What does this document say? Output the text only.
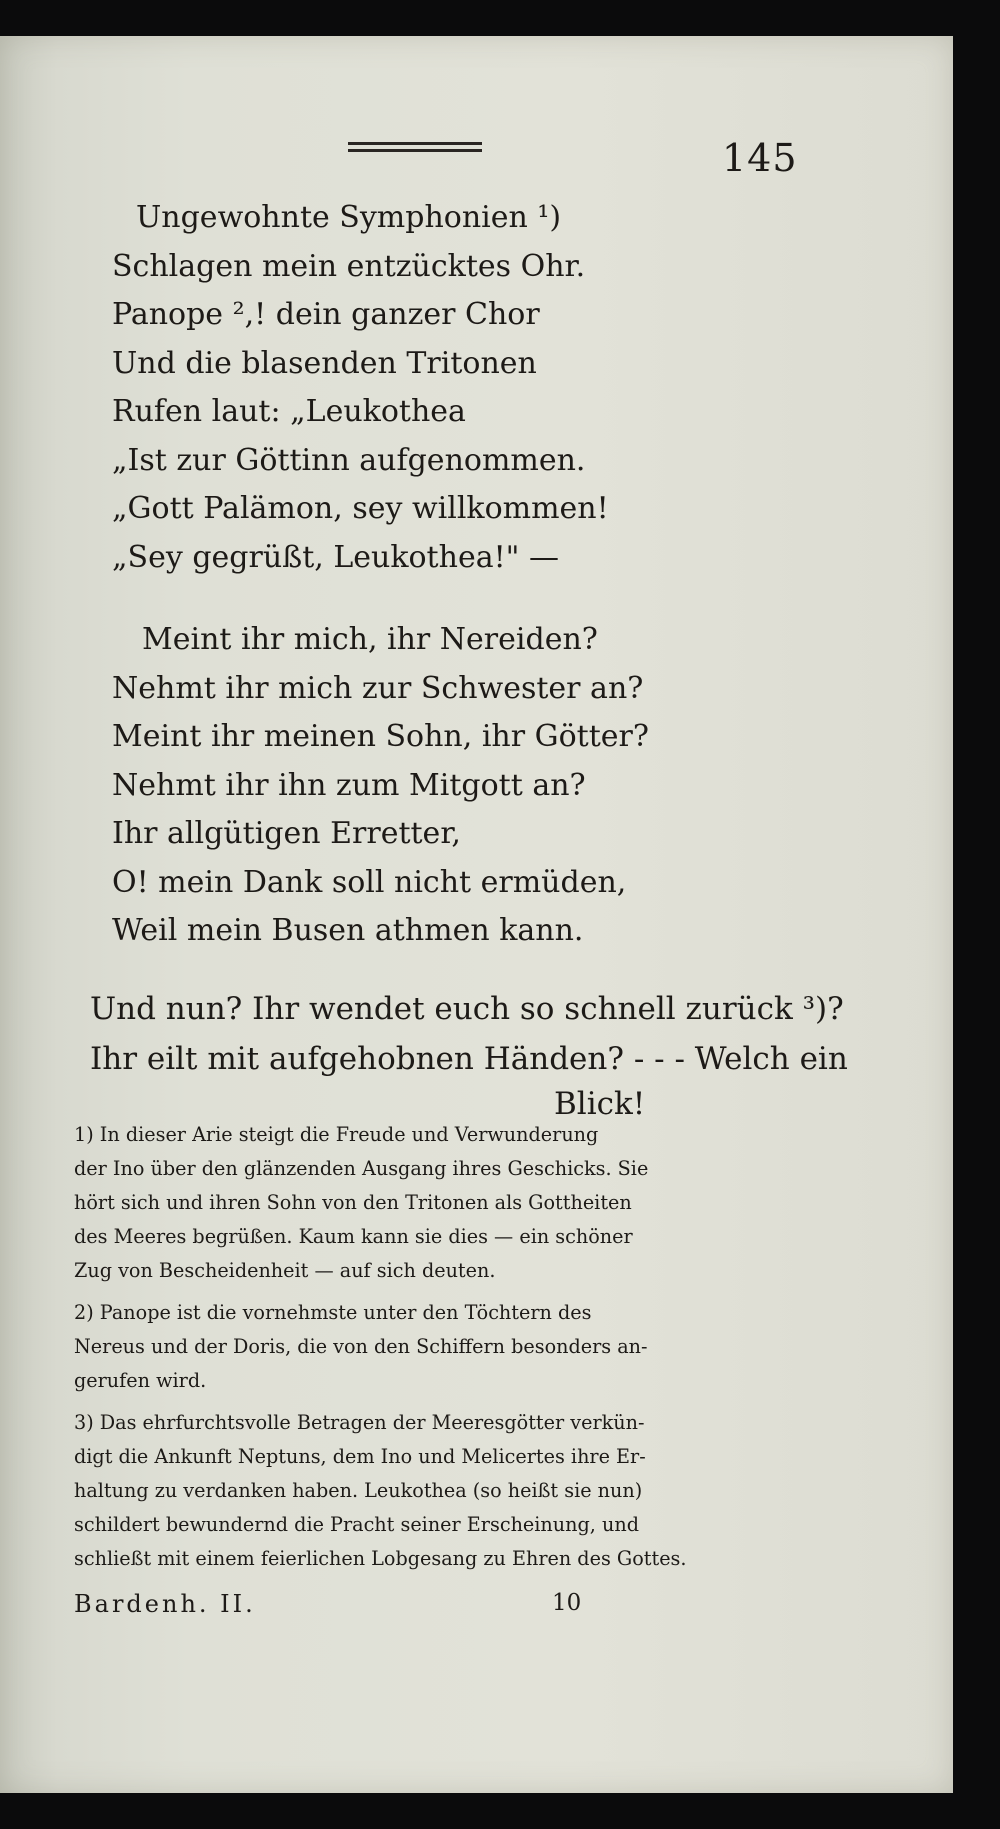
145
Ungewohnte Symphonien ¹)
Schlagen mein entzücktes Ohr.
Panope ²,! dein ganzer Chor
Und die blasenden Tritonen
Rufen laut: „Leukothea
„Ist zur Göttinn aufgenommen.
„Gott Palämon, sey willkommen!
„Sey gegrüßt, Leukothea!" —
Meint ihr mich, ihr Nereiden?
Nehmt ihr mich zur Schwester an?
Meint ihr meinen Sohn, ihr Götter?
Nehmt ihr ihn zum Mitgott an?
Ihr allgütigen Erretter,
O! mein Dank soll nicht ermüden,
Weil mein Busen athmen kann.
Und nun? Ihr wendet euch so schnell zurück ³)?
Ihr eilt mit aufgehobnen Händen? - - - Welch ein
Blick!
1) In dieser Arie steigt die Freude und Verwunderung
der Ino über den glänzenden Ausgang ihres Geschicks. Sie
hört sich und ihren Sohn von den Tritonen als Gottheiten
des Meeres begrüßen. Kaum kann sie dies — ein schöner
Zug von Bescheidenheit — auf sich deuten.
2) Panope ist die vornehmste unter den Töchtern des
Nereus und der Doris, die von den Schiffern besonders an-
gerufen wird.
3) Das ehrfurchtsvolle Betragen der Meeresgötter verkün-
digt die Ankunft Neptuns, dem Ino und Melicertes ihre Er-
haltung zu verdanken haben. Leukothea (so heißt sie nun)
schildert bewundernd die Pracht seiner Erscheinung, und
schließt mit einem feierlichen Lobgesang zu Ehren des Gottes.
Bardenh. II.	10
